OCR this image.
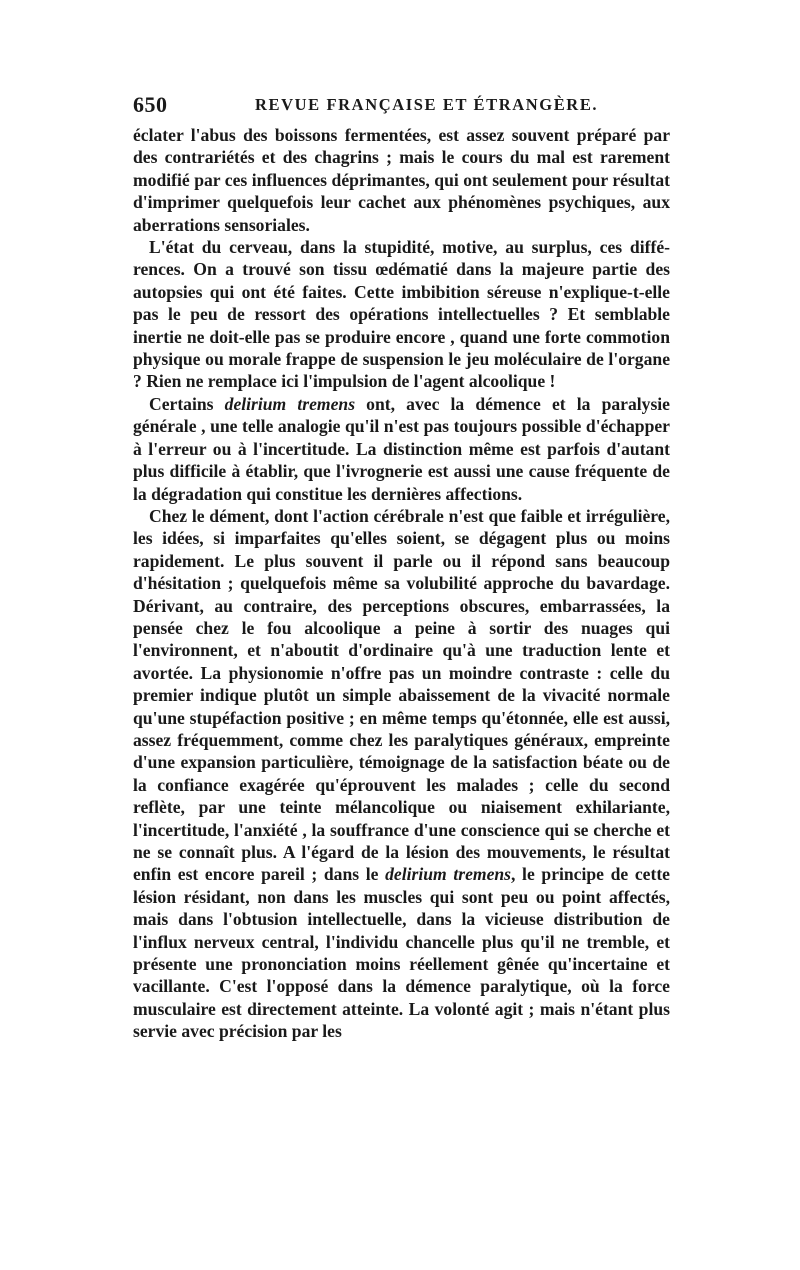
650	REVUE FRANÇAISE ET ÉTRANGÈRE.

éclater l'abus des boissons fermentées, est assez souvent préparé par des contrariétés et des chagrins ; mais le cours du mal est rarement modifié par ces influences déprimantes, qui ont seulement pour résultat d'imprimer quelquefois leur cachet aux phénomènes psychiques, aux aberrations sensoriales.

L'état du cerveau, dans la stupidité, motive, au surplus, ces différences. On a trouvé son tissu œdématié dans la majeure partie des autopsies qui ont été faites. Cette imbibition séreuse n'explique-t-elle pas le peu de ressort des opérations intellectuelles ? Et semblable inertie ne doit-elle pas se produire encore , quand une forte commotion physique ou morale frappe de suspension le jeu moléculaire de l'organe ? Rien ne remplace ici l'impulsion de l'agent alcoolique !

Certains delirium tremens ont, avec la démence et la paralysie générale , une telle analogie qu'il n'est pas toujours possible d'échapper à l'erreur ou à l'incertitude. La distinction même est parfois d'autant plus difficile à établir, que l'ivrognerie est aussi une cause fréquente de la dégradation qui constitue les dernières affections.

Chez le dément, dont l'action cérébrale n'est que faible et irrégulière, les idées, si imparfaites qu'elles soient, se dégagent plus ou moins rapidement. Le plus souvent il parle ou il répond sans beaucoup d'hésitation ; quelquefois même sa volubilité approche du bavardage. Dérivant, au contraire, des perceptions obscures, embarrassées, la pensée chez le fou alcoolique a peine à sortir des nuages qui l'environnent, et n'aboutit d'ordinaire qu'à une traduction lente et avortée. La physionomie n'offre pas un moindre contraste : celle du premier indique plutôt un simple abaissement de la vivacité normale qu'une stupéfaction positive ; en même temps qu'étonnée, elle est aussi, assez fréquemment, comme chez les paralytiques généraux, empreinte d'une expansion particulière, témoignage de la satisfaction béate ou de la confiance exagérée qu'éprouvent les malades ; celle du second reflète, par une teinte mélancolique ou niaisement exhilariante, l'incertitude, l'anxiété , la souffrance d'une conscience qui se cherche et ne se connaît plus. A l'égard de la lésion des mouvements, le résultat enfin est encore pareil ; dans le delirium tremens, le principe de cette lésion résidant, non dans les muscles qui sont peu ou point affectés, mais dans l'obtusion intellectuelle, dans la vicieuse distribution de l'influx nerveux central, l'individu chancelle plus qu'il ne tremble, et présente une prononciation moins réellement gênée qu'incertaine et vacillante. C'est l'opposé dans la démence paralytique, où la force musculaire est directement atteinte. La volonté agit ; mais n'étant plus servie avec précision par les
